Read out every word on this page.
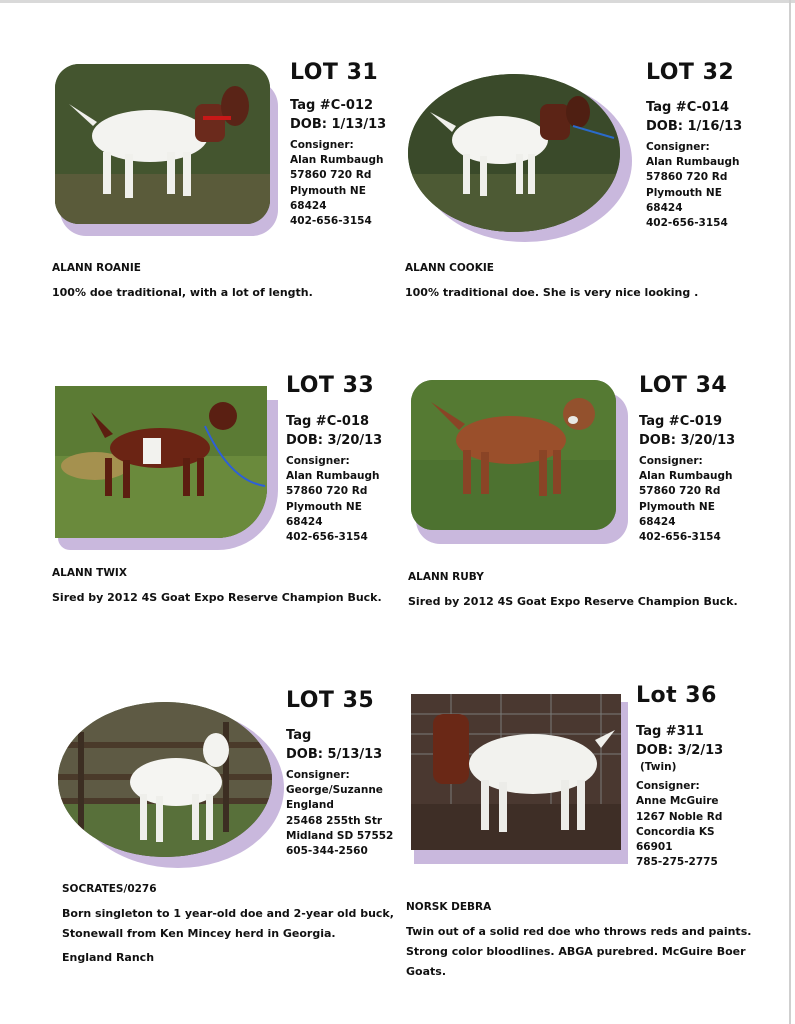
LOT 31
Tag #C-012
DOB: 1/13/13
Consigner:
Alan Rumbaugh
57860 720 Rd
Plymouth NE
68424
402-656-3154
ALANN ROANIE
100% doe traditional, with a lot of length.
LOT 32
Tag #C-014
DOB: 1/16/13
Consigner:
Alan Rumbaugh
57860 720 Rd
Plymouth NE
68424
402-656-3154
ALANN COOKIE
100% traditional doe. She is very nice looking .
LOT 33
Tag #C-018
DOB: 3/20/13
Consigner:
Alan Rumbaugh
57860 720 Rd
Plymouth NE
68424
402-656-3154
ALANN TWIX
Sired by 2012 4S Goat Expo Reserve Champion Buck.
LOT 34
Tag #C-019
DOB: 3/20/13
Consigner:
Alan Rumbaugh
57860 720 Rd
Plymouth NE
68424
402-656-3154
ALANN RUBY
Sired by 2012 4S Goat Expo Reserve Champion Buck.
LOT 35
Tag
DOB: 5/13/13
Consigner:
George/Suzanne
England
25468 255th Str
Midland SD 57552
605-344-2560
SOCRATES/0276
Born singleton to 1 year-old doe and 2-year old buck,
Stonewall from Ken Mincey herd in Georgia.
England Ranch
Lot 36
Tag #311
DOB: 3/2/13
(Twin)
Consigner:
Anne McGuire
1267 Noble Rd
Concordia KS
66901
785-275-2775
NORSK DEBRA
Twin out of a solid red doe who throws reds and paints.
Strong color bloodlines. ABGA purebred. McGuire Boer
Goats.
